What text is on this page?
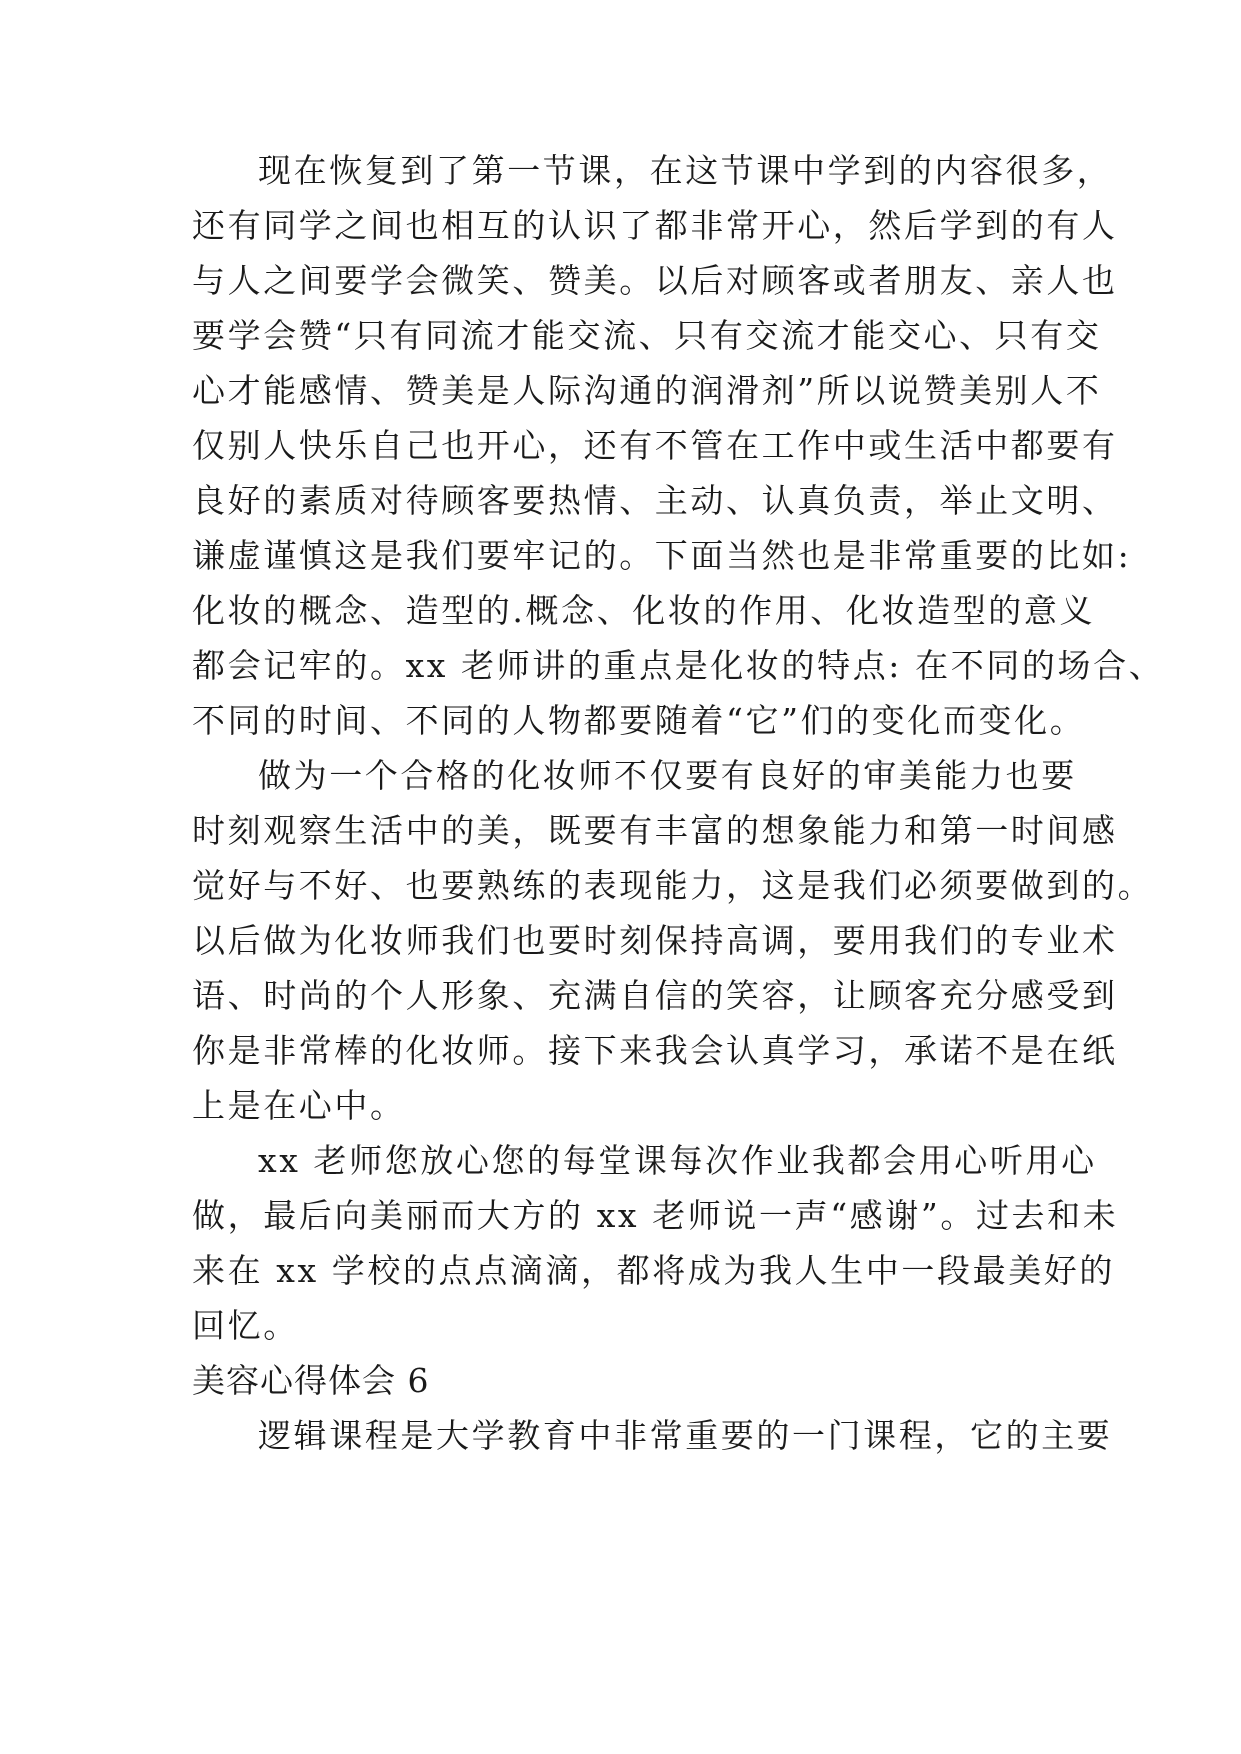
现在恢复到了第一节课，在这节课中学到的内容很多，
还有同学之间也相互的认识了都非常开心，然后学到的有人
与人之间要学会微笑、赞美。以后对顾客或者朋友、亲人也
要学会赞“只有同流才能交流、只有交流才能交心、只有交
心才能感情、赞美是人际沟通的润滑剂”所以说赞美别人不
仅别人快乐自己也开心，还有不管在工作中或生活中都要有
良好的素质对待顾客要热情、主动、认真负责，举止文明、
谦虚谨慎这是我们要牢记的。下面当然也是非常重要的比如:
化妆的概念、造型的.概念、化妆的作用、化妆造型的意义
都会记牢的。xx 老师讲的重点是化妆的特点: 在不同的场合、
不同的时间、不同的人物都要随着“它”们的变化而变化。
做为一个合格的化妆师不仅要有良好的审美能力也要
时刻观察生活中的美，既要有丰富的想象能力和第一时间感
觉好与不好、也要熟练的表现能力，这是我们必须要做到的。
以后做为化妆师我们也要时刻保持高调，要用我们的专业术
语、时尚的个人形象、充满自信的笑容，让顾客充分感受到
你是非常棒的化妆师。接下来我会认真学习，承诺不是在纸
上是在心中。
xx 老师您放心您的每堂课每次作业我都会用心听用心
做，最后向美丽而大方的 xx 老师说一声“感谢”。过去和未
来在 xx 学校的点点滴滴，都将成为我人生中一段最美好的
回忆。
美容心得体会 6
逻辑课程是大学教育中非常重要的一门课程，它的主要
